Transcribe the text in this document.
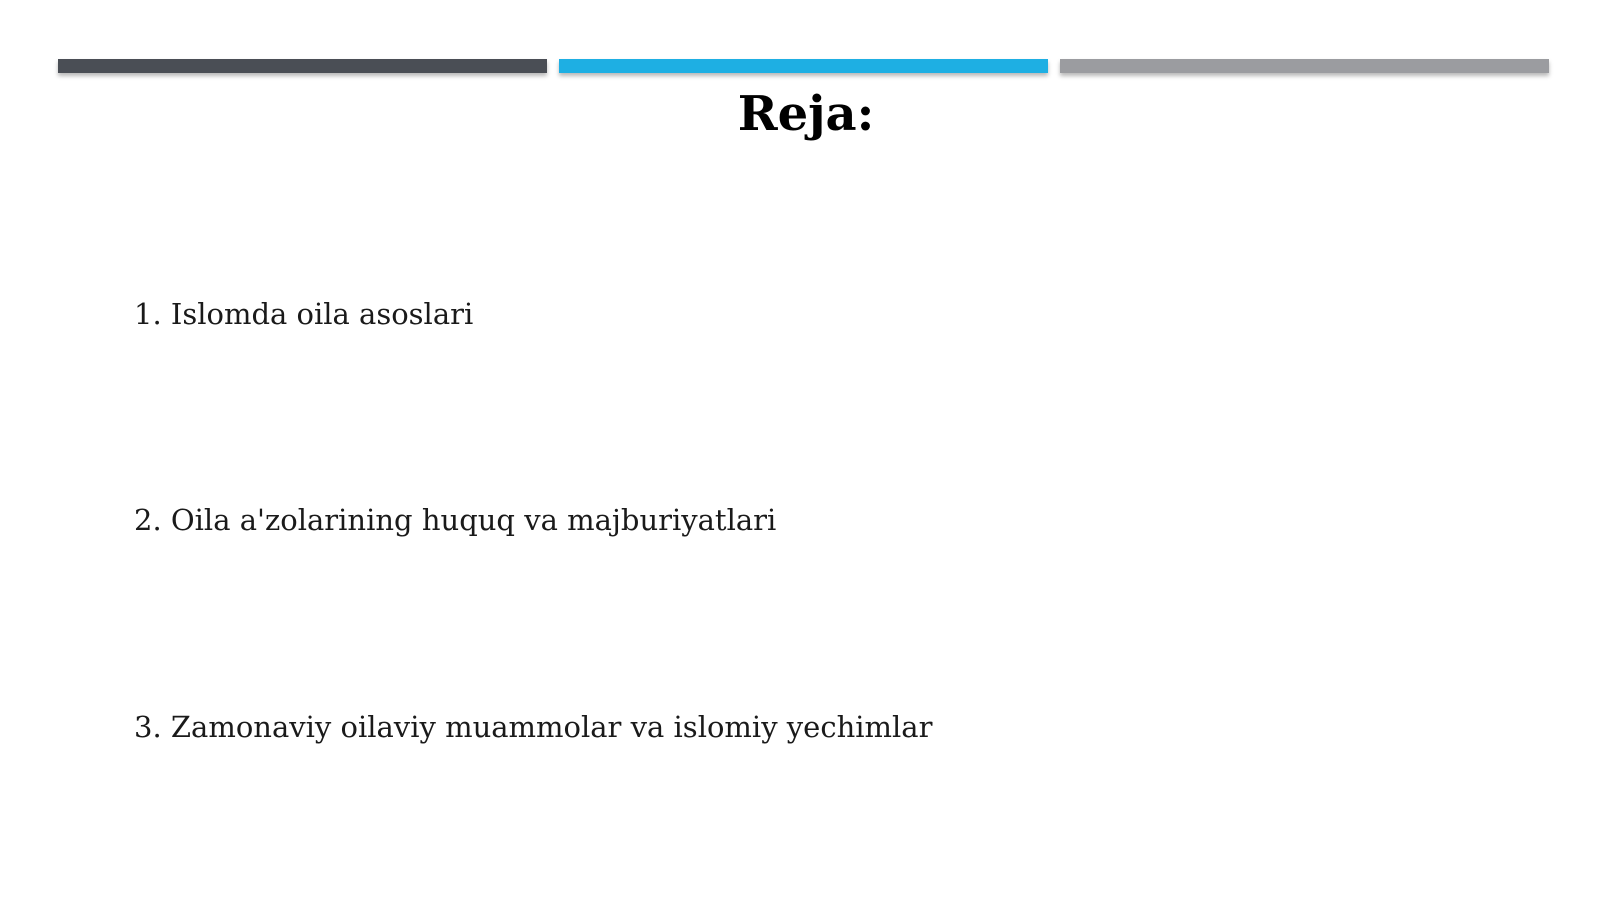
Reja:
1. Islomda oila asoslari
2. Oila a'zolarining huquq va majburiyatlari
3. Zamonaviy oilaviy muammolar va islomiy yechimlar
